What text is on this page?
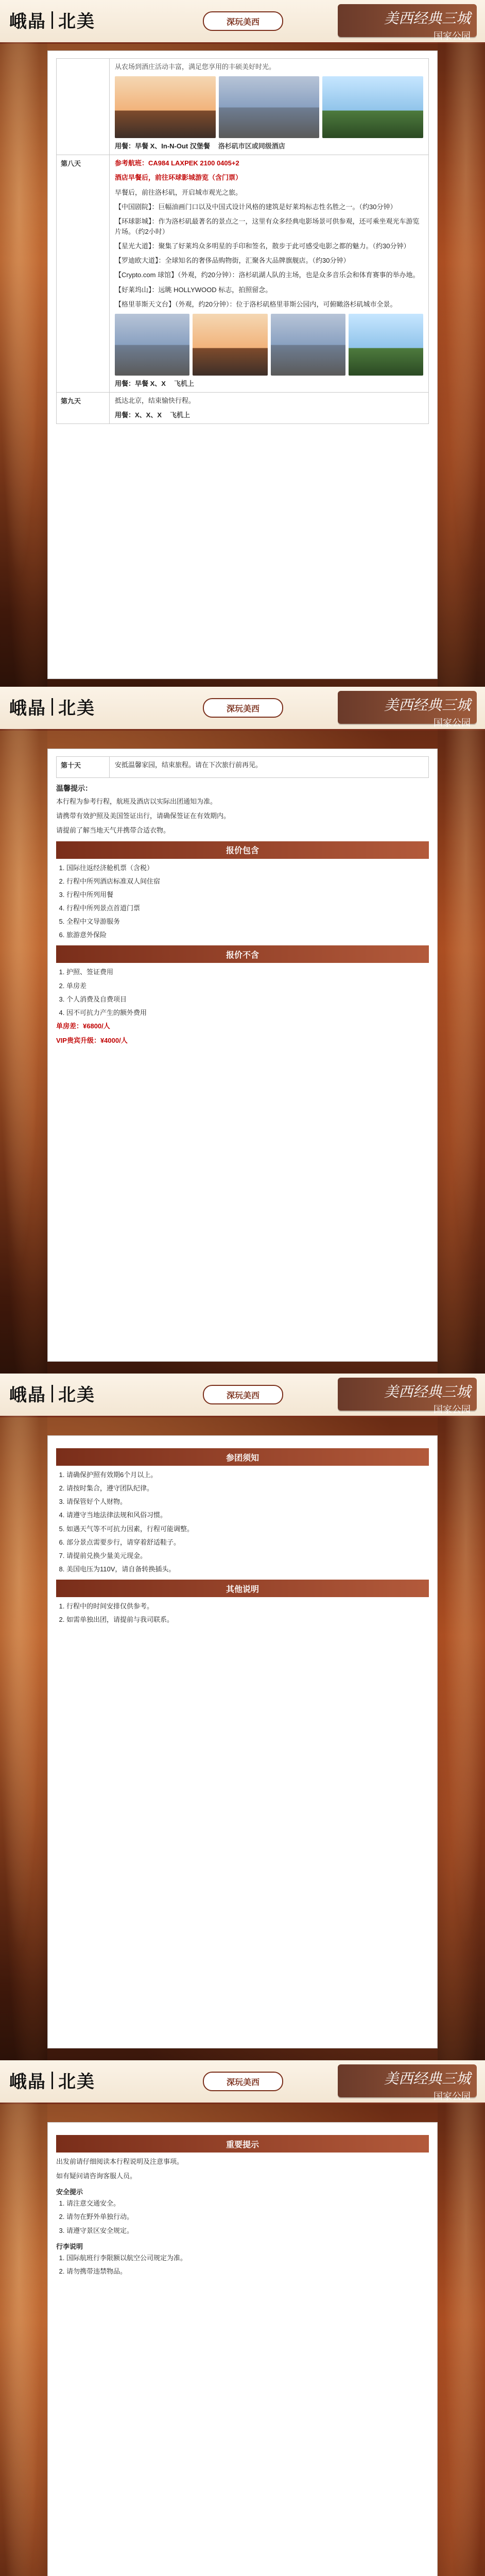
峨晶 北美	深玩美西	美西经典三城
国家公园
从农场到酒庄活动丰富，满足您享用的丰硕美好时光。
用餐：早餐 X、In-N-Out 汉堡餐 洛杉矶市区或同级酒店
第八天	参考航班：CA984 LAXPEK 2100 0405+2
酒店早餐后，前往环球影城游览（含门票）
早餐后，前往洛杉矶，开启城市观光之旅。
【中国剧院】：巨幅油画门口以及中国式设计风格的建筑是好莱坞标志性名胜之一。（约30分钟）
【环球影城】：作为洛杉矶最著名的景点之一，这里有众多经典电影场景可供参观，还可乘坐观光车游览片场。（约2小时）
【星光大道】：聚集了好莱坞众多明星的手印和签名，散步于此可感受电影之都的魅力。（约30分钟）
【罗迪欧大道】：全球知名的奢侈品购物街，汇聚各大品牌旗舰店。（约30分钟）
【Crypto.com 球馆】（外观，约20分钟）：洛杉矶湖人队的主场，也是众多音乐会和体育赛事的举办地。
【好莱坞山】：远眺 HOLLYWOOD 标志，拍照留念。
【格里菲斯天文台】（外观，约20分钟）：位于洛杉矶格里菲斯公园内，可俯瞰洛杉矶城市全景。
用餐：早餐 X、X 飞机上
第九天	抵达北京，结束愉快行程。
用餐：X、X、X 飞机上
峨晶 北美	深玩美西	美西经典三城
国家公园
第十天	安抵温馨家园，结束旅程。请在下次旅行前再见。
温馨提示：
本行程为参考行程，航班及酒店以实际出团通知为准。
请携带有效护照及美国签证出行，请确保签证在有效期内。
请提前了解当地天气并携带合适衣物。
报价包含
1. 国际往返经济舱机票（含税）
2. 行程中所列酒店标准双人间住宿
3. 行程中所列用餐
4. 行程中所列景点首道门票
5. 全程中文导游服务
6. 旅游意外保险
报价不含
1. 护照、签证费用
2. 单房差
3. 个人消费及自费项目
4. 因不可抗力产生的额外费用
单房差：¥6800/人
VIP贵宾升级：¥4000/人
峨晶 北美	深玩美西	美西经典三城
国家公园
参团须知
1. 请确保护照有效期6个月以上。
2. 请按时集合，遵守团队纪律。
3. 请保管好个人财物。
4. 请遵守当地法律法规和风俗习惯。
5. 如遇天气等不可抗力因素，行程可能调整。
6. 部分景点需要步行，请穿着舒适鞋子。
7. 请提前兑换少量美元现金。
8. 美国电压为110V，请自备转换插头。
其他说明
1. 行程中的时间安排仅供参考。
2. 如需单独出团，请提前与我司联系。
峨晶 北美	深玩美西	美西经典三城
国家公园
重要提示
出发前请仔细阅读本行程说明及注意事项。
如有疑问请咨询客服人员。
安全提示
1. 请注意交通安全。
2. 请勿在野外单独行动。
3. 请遵守景区安全规定。
行李说明
1. 国际航班行李限额以航空公司规定为准。
2. 请勿携带违禁物品。
